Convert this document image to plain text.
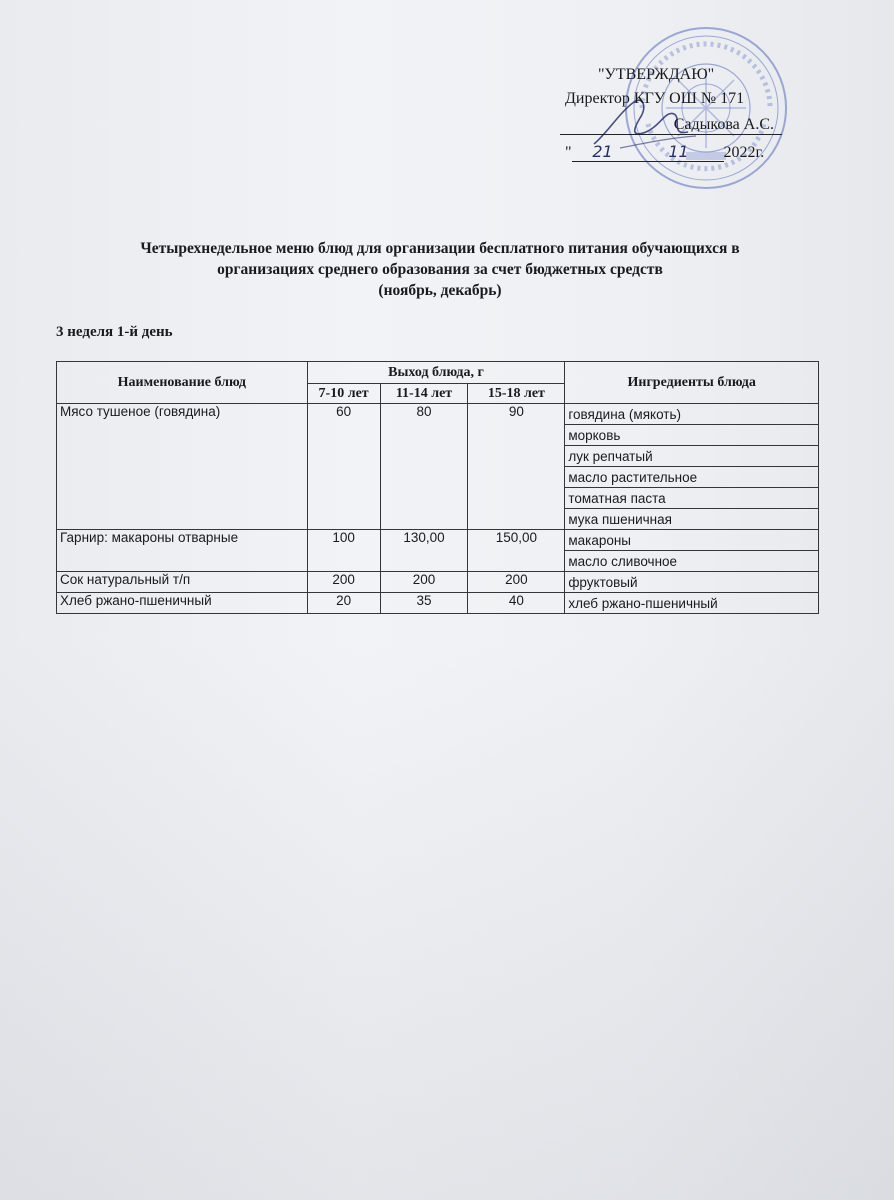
"УТВЕРЖДАЮ"
Директор КГУ ОШ № 171
Садыкова А.С.
" 21	11 2022г.
Четырехнедельное меню блюд для организации бесплатного питания обучающихся в
организациях среднего образования за счет бюджетных средств
(ноябрь, декабрь)
3 неделя 1-й день
Наименование блюд	Выход блюда, г			Ингредиенты блюда
	7-10 лет	11-14 лет	15-18 лет	
Мясо тушеное (говядина)	60	80	90	говядина (мякоть)
				морковь
				лук репчатый
				масло растительное
				томатная паста
				мука пшеничная
Гарнир: макароны отварные	100	130,00	150,00	макароны
				масло сливочное
Сок натуральный т/п	200	200	200	фруктовый
Хлеб ржано-пшеничный	20	35	40	хлеб ржано-пшеничный
